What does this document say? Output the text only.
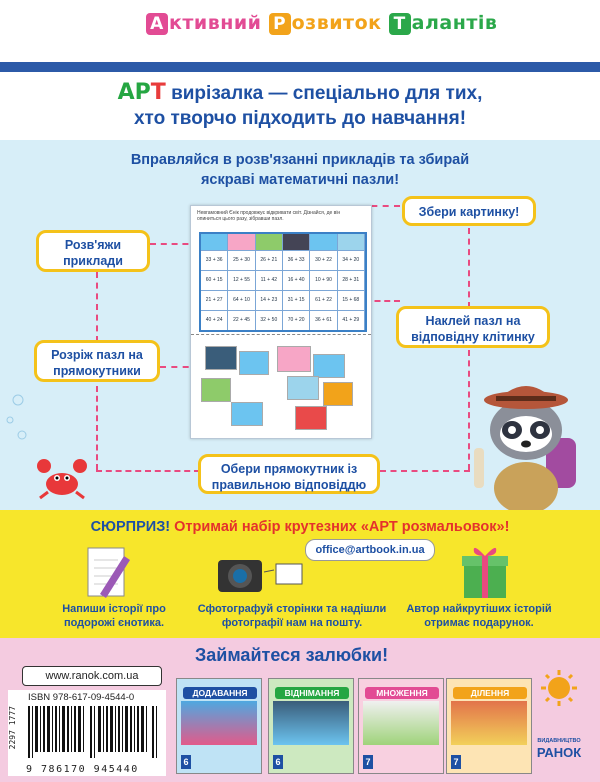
А ктивний Р озвиток Т алантів
АРТ вирізалка — спеціально для тих,
хто творчо підходить до навчання!
Вправляйся в розв'язанні прикладів та збирай
яскраві математичні пазли!
Невгамовний Єнік продовжує відкривати світ. Дізнайся, де він опиниться цього разу, зібравши пазл.
33 + 36	25 + 30	26 + 21	36 + 33	30 + 22	34 + 20
60 + 15	12 + 55	11 + 42	16 + 40	10 + 90	28 + 31
21 + 27	64 + 10	14 + 23	31 + 15	61 + 22	15 + 68
40 + 24	22 + 45	32 + 50	70 + 20	36 + 61	41 + 29
Розв'яжи приклади
Розріж пазл на прямокутники
Обери прямокутник із правильною відповіддю
Наклей пазл на відповідну клітинку
Збери картинку!
СЮРПРИЗ! Отримай набір крутезних «АРТ розмальовок»!
office@artbook.in.ua
Напиши історії про подорожі єнотика.
Сфотографуй сторінки та надішли фотографії нам на пошту.
Автор найкрутіших історій отримає подарунок.
Займайтеся залюбки!
www.ranok.com.ua
ISBN 978-617-09-4544-0
2297 1777
9 786170 945440
ДОДАВАННЯ
6
ВІДНІМАННЯ
6
МНОЖЕННЯ
7
ДІЛЕННЯ
7
ВИДАВНИЦТВО
РАНОК
